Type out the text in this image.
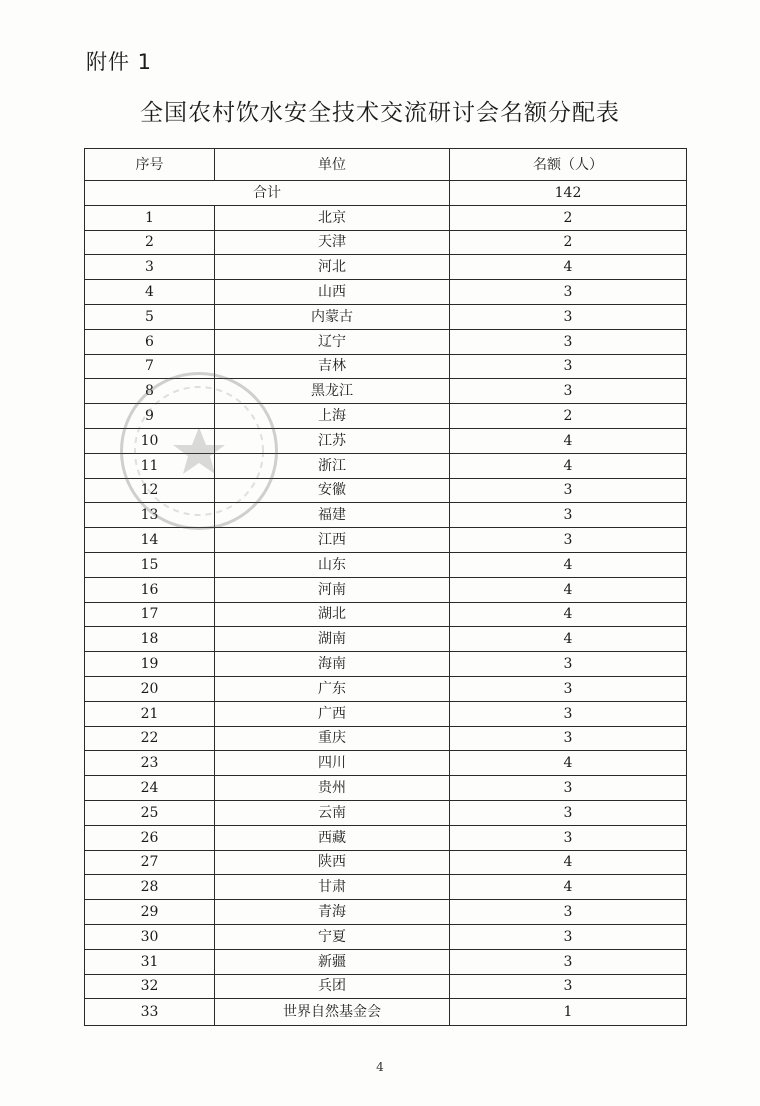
附件 1
全国农村饮水安全技术交流研讨会名额分配表
序号	单位	名额（人）
合计		142
1	北京	2
2	天津	2
3	河北	4
4	山西	3
5	内蒙古	3
6	辽宁	3
7	吉林	3
8	黑龙江	3
9	上海	2
10	江苏	4
11	浙江	4
12	安徽	3
13	福建	3
14	江西	3
15	山东	4
16	河南	4
17	湖北	4
18	湖南	4
19	海南	3
20	广东	3
21	广西	3
22	重庆	3
23	四川	4
24	贵州	3
25	云南	3
26	西藏	3
27	陕西	4
28	甘肃	4
29	青海	3
30	宁夏	3
31	新疆	3
32	兵团	3
33	世界自然基金会	1
4
